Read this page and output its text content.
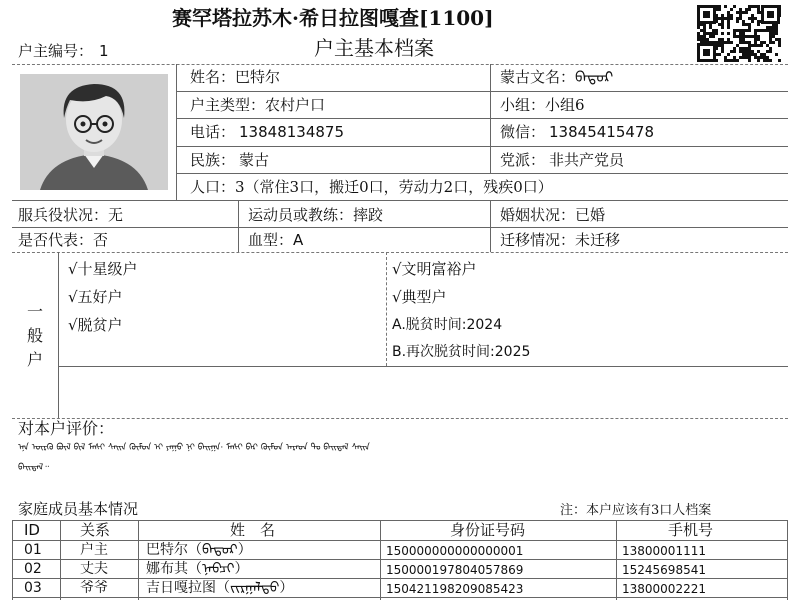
赛罕塔拉苏木·希日拉图嘎查[1100]
户主基本档案
户主编号： 1
姓名：巴特尔	蒙古文名：ᠪᠠᠲᠤᠷ
户主类型：农村户口	小组：小组6
电话： 13848134875	微信： 13845415478
民族： 蒙古	党派： 非共产党员
人口：3（常住3口，搬迁0口，劳动力2口，残疾0口）
服兵役状况：无	运动员或教练：摔跤	婚姻状况：已婚
是否代表：否	血型：A	迁移情况：未迁移
一
般
户
√十星级户
√五好户
√脱贫户
√文明富裕户
√典型户
A.脱贫时间:2024
B.再次脱贫时间:2025
对本户评价：
ᠡᠨᠡ ᠥᠷᠭᠦ ᠪᠥᠯ ᠪᠢᠯ ᠮᠠᠰᠢ ᠰᠠᠢᠨ ᠬᠦᠮᠦᠨ ᠢ ᠶᠠᠭᠤ ᠨᠢ ᠪᠠᠢᠭᠠ· ᠮᠠᠰᠢ ᠪᠠᠷ ᠬᠦᠮᠦᠨ ᠠᠷᠠᠳ ᠲᠤ ᠪᠠᠢᠳᠠᠯ ᠰᠠᠢᠨ
ᠪᠠᠢᠳᠠᠯ᠃
家庭成员基本情况	注：本户应该有3口人档案
ID	关系	姓　名	身份证号码	手机号
01	户主	巴特尔（ᠪᠠᠲᠤᠷ）	150000000000000001	13800001111
02	丈夫	娜布其（ᠨᠠᠪᠴᠢ）	150000197804057869	15245698541
03	爷爷	吉日嘎拉图（ᠵᠢᠷᠭᠠᠯᠲᠤ）	150421198209085423	13800002221
